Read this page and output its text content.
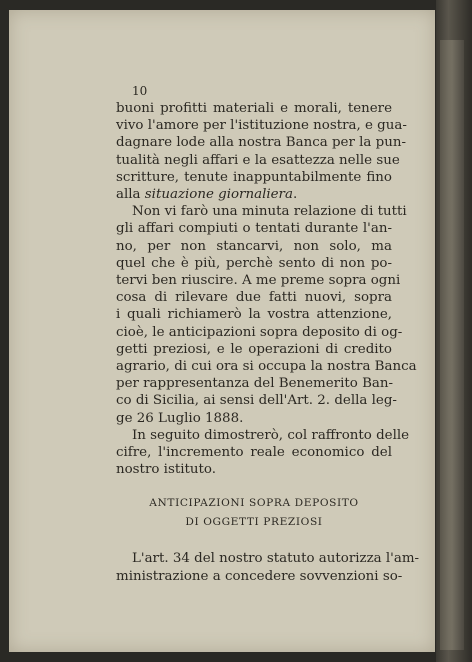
10

buoni profitti materiali e morali, tenere
vivo l'amore per l'istituzione nostra, e gua-
dagnare lode alla nostra Banca per la pun-
tualità negli affari e la esattezza nelle sue
scritture, tenute inappuntabilmente fino
alla situazione giornaliera.

Non vi farò una minuta relazione di tutti
gli affari compiuti o tentati durante l'an-
no, per non stancarvi, non solo, ma
quel che è più, perchè sento di non po-
tervi ben riuscire. A me preme sopra ogni
cosa di rilevare due fatti nuovi, sopra
i quali richiamerò la vostra attenzione,
cioè, le anticipazioni sopra deposito di og-
getti preziosi, e le operazioni di credito
agrario, di cui ora si occupa la nostra Banca
per rappresentanza del Benemerito Ban-
co di Sicilia, ai sensi dell'Art. 2. della leg-
ge 26 Luglio 1888.

In seguito dimostrerò, col raffronto delle
cifre, l'incremento reale economico del
nostro istituto.

ANTICIPAZIONI SOPRA DEPOSITO
DI OGGETTI PREZIOSI

L'art. 34 del nostro statuto autorizza l'am-
ministrazione a concedere sovvenzioni so-
